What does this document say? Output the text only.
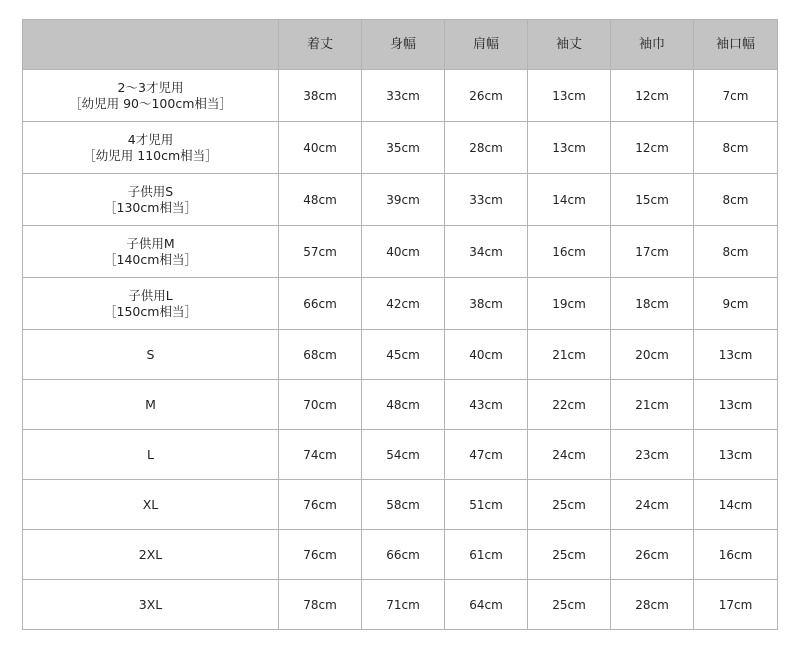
	着丈	身幅	肩幅	袖丈	袖巾	袖口幅

2〜3才児用
［幼児用 90〜100cm相当］	38cm	33cm	26cm	13cm	12cm	7cm

4才児用
［幼児用 110cm相当］	40cm	35cm	28cm	13cm	12cm	8cm

子供用S
［130cm相当］	48cm	39cm	33cm	14cm	15cm	8cm

子供用M
［140cm相当］	57cm	40cm	34cm	16cm	17cm	8cm

子供用L
［150cm相当］	66cm	42cm	38cm	19cm	18cm	9cm
S	68cm	45cm	40cm	21cm	20cm	13cm
M	70cm	48cm	43cm	22cm	21cm	13cm
L	74cm	54cm	47cm	24cm	23cm	13cm
XL	76cm	58cm	51cm	25cm	24cm	14cm
2XL	76cm	66cm	61cm	25cm	26cm	16cm
3XL	78cm	71cm	64cm	25cm	28cm	17cm
